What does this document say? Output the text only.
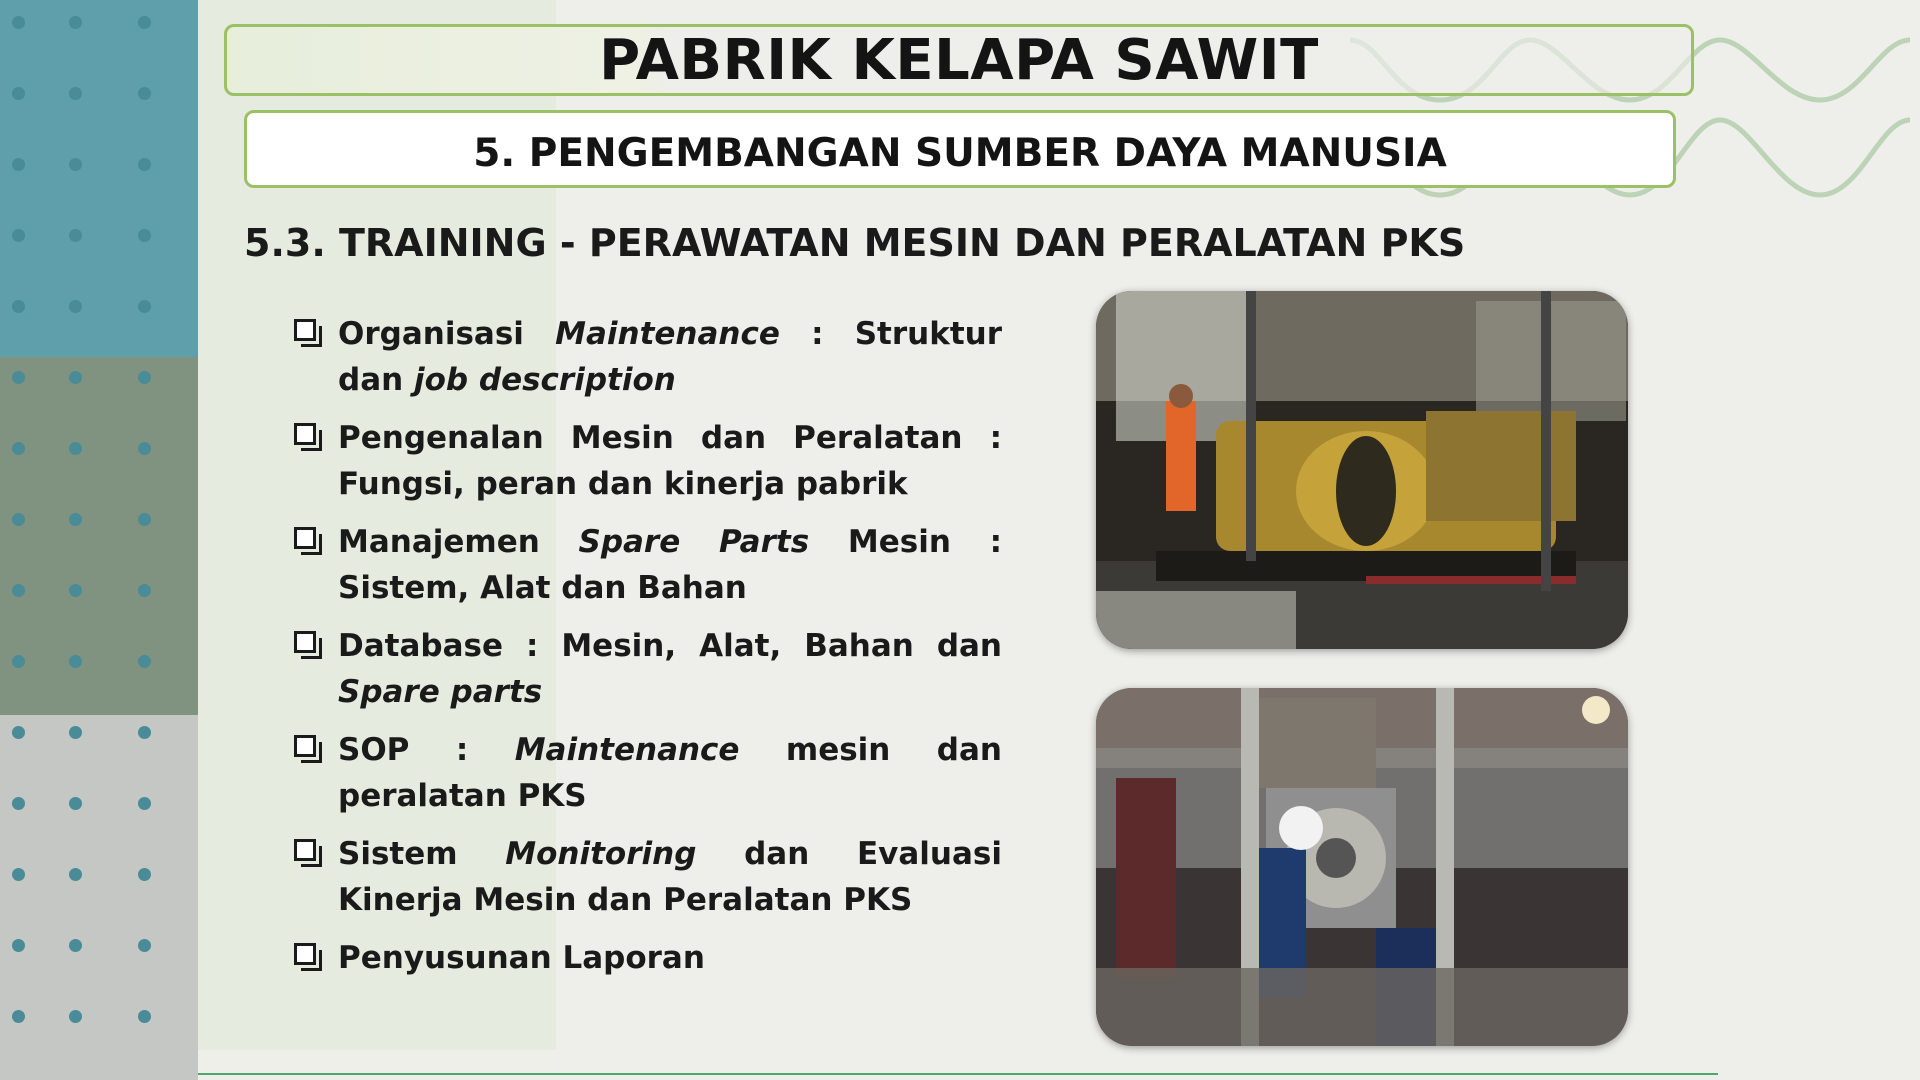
PABRIK KELAPA SAWIT
5. PENGEMBANGAN SUMBER DAYA MANUSIA
5.3. TRAINING - PERAWATAN MESIN DAN PERALATAN PKS
Organisasi Maintenance : Struktur dan job description
Pengenalan Mesin dan Peralatan : Fungsi, peran dan kinerja pabrik
Manajemen Spare Parts Mesin : Sistem, Alat dan Bahan
Database : Mesin, Alat, Bahan dan Spare parts
SOP : Maintenance mesin dan peralatan PKS
Sistem Monitoring dan Evaluasi Kinerja Mesin dan Peralatan PKS
Penyusunan Laporan
